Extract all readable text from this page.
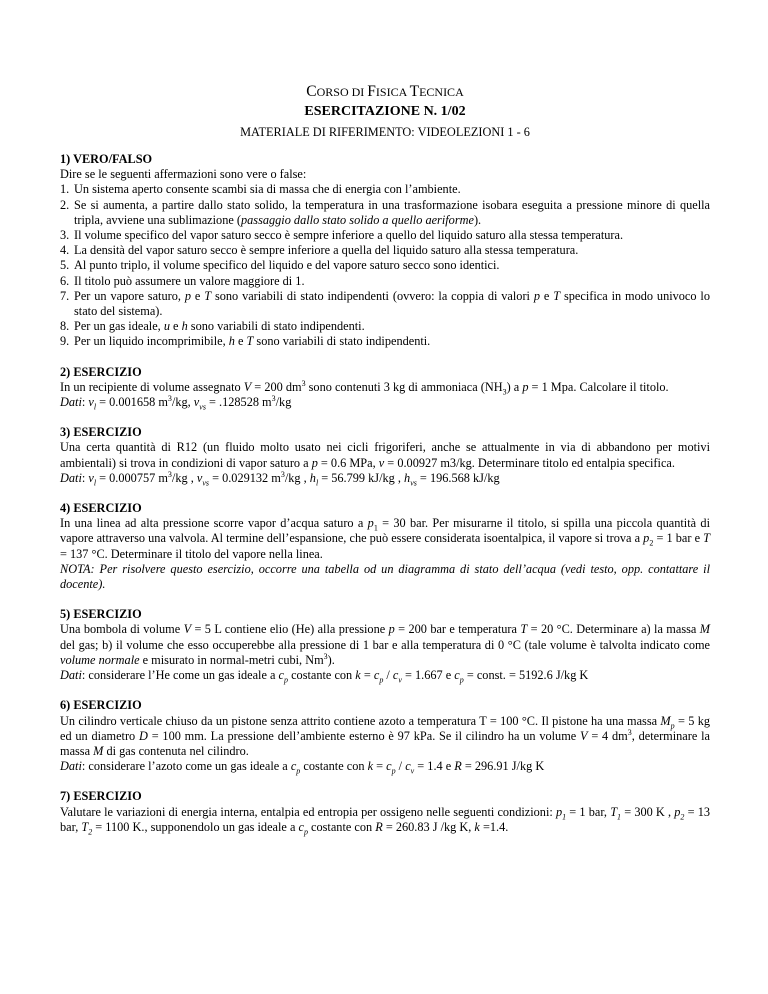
CORSO DI FISICA TECNICA
ESERCITAZIONE N. 1/02
MATERIALE DI RIFERIMENTO: VIDEOLEZIONI 1 - 6
1) VERO/FALSO
Dire se le seguenti affermazioni sono vere o false:
1. Un sistema aperto consente scambi sia di massa che di energia con l’ambiente.
2. Se si aumenta, a partire dallo stato solido, la temperatura in una trasformazione isobara eseguita a pressione minore di quella tripla, avviene una sublimazione (passaggio dallo stato solido a quello aeriforme).
3. Il volume specifico del vapor saturo secco è sempre inferiore a quello del liquido saturo alla stessa temperatura.
4. La densità del vapor saturo secco è sempre inferiore a quella del liquido saturo alla stessa temperatura.
5. Al punto triplo, il volume specifico del liquido e del vapore saturo secco sono identici.
6. Il titolo può assumere un valore maggiore di 1.
7. Per un vapore saturo, p e T sono variabili di stato indipendenti (ovvero: la coppia di valori p e T specifica in modo univoco lo stato del sistema).
8. Per un gas ideale, u e h sono variabili di stato indipendenti.
9. Per un liquido incomprimibile, h e T sono variabili di stato indipendenti.
2) ESERCIZIO
In un recipiente di volume assegnato V = 200 $dm^3$ sono contenuti 3 kg di ammoniaca $(NH_3)$ a p = 1 Mpa. Calcolare il titolo.
Dati: $v_l = 0.001658$ $m^3/kg$, $v_{vs} = .128528$ $m^3/kg$
3) ESERCIZIO
Una certa quantità di R12 (un fluido molto usato nei cicli frigoriferi, anche se attualmente in via di abbandono per motivi ambientali) si trova in condizioni di vapor saturo a p = 0.6 MPa, v = 0.00927 m3/kg. Determinare titolo ed entalpia specifica.
Dati: $v_l = 0.000757$ $m^3/kg$ , $v_{vs} = 0.029132$ $m^3/kg$ , $h_l = 56.799$ kJ/kg , $h_{vs} = 196.568$ kJ/kg
4) ESERCIZIO
In una linea ad alta pressione scorre vapor d’acqua saturo a $p_1 = 30$ bar. Per misurarne il titolo, si spilla una piccola quantità di vapore attraverso una valvola. Al termine dell’espansione, che può essere considerata isoentalpica, il vapore si trova a $p_2 = 1$ bar e T = 137 °C. Determinare il titolo del vapore nella linea.
NOTA: Per risolvere questo esercizio, occorre una tabella od un diagramma di stato dell’acqua (vedi testo, opp. contattare il docente).
5) ESERCIZIO
Una bombola di volume V = 5 L contiene elio (He) alla pressione p = 200 bar e temperatura T = 20 °C. Determinare a) la massa M del gas; b) il volume che esso occuperebbe alla pressione di 1 bar e alla temperatura di 0 °C (tale volume è talvolta indicato come volume normale e misurato in normal-metri cubi, Nm$^3$).
Dati: considerare l’He come un gas ideale a $c_p$ costante con $k = c_p / c_v = 1.667$ e $c_p$ = const. = 5192.6 J/kg K
6) ESERCIZIO
Un cilindro verticale chiuso da un pistone senza attrito contiene azoto a temperatura T = 100 °C. Il pistone ha una massa $M_p = 5$ kg ed un diametro D = 100 mm. La pressione dell’ambiente esterno è 97 kPa. Se il cilindro ha un volume V = 4 $dm^3$, determinare la massa M di gas contenuta nel cilindro.
Dati: considerare l’azoto come un gas ideale a $c_p$ costante con $k = c_p / c_v = 1.4$ e R = 296.91 J/kg K
7) ESERCIZIO
Valutare le variazioni di energia interna, entalpia ed entropia per ossigeno nelle seguenti condizioni: $p_1 = 1$ bar, $T_1 = 300$ K , $p_2 = 13$ bar, $T_2 = 1100$ K., supponendolo un gas ideale a $c_p$ costante con R = 260.83 J /kg K, k =1.4.
